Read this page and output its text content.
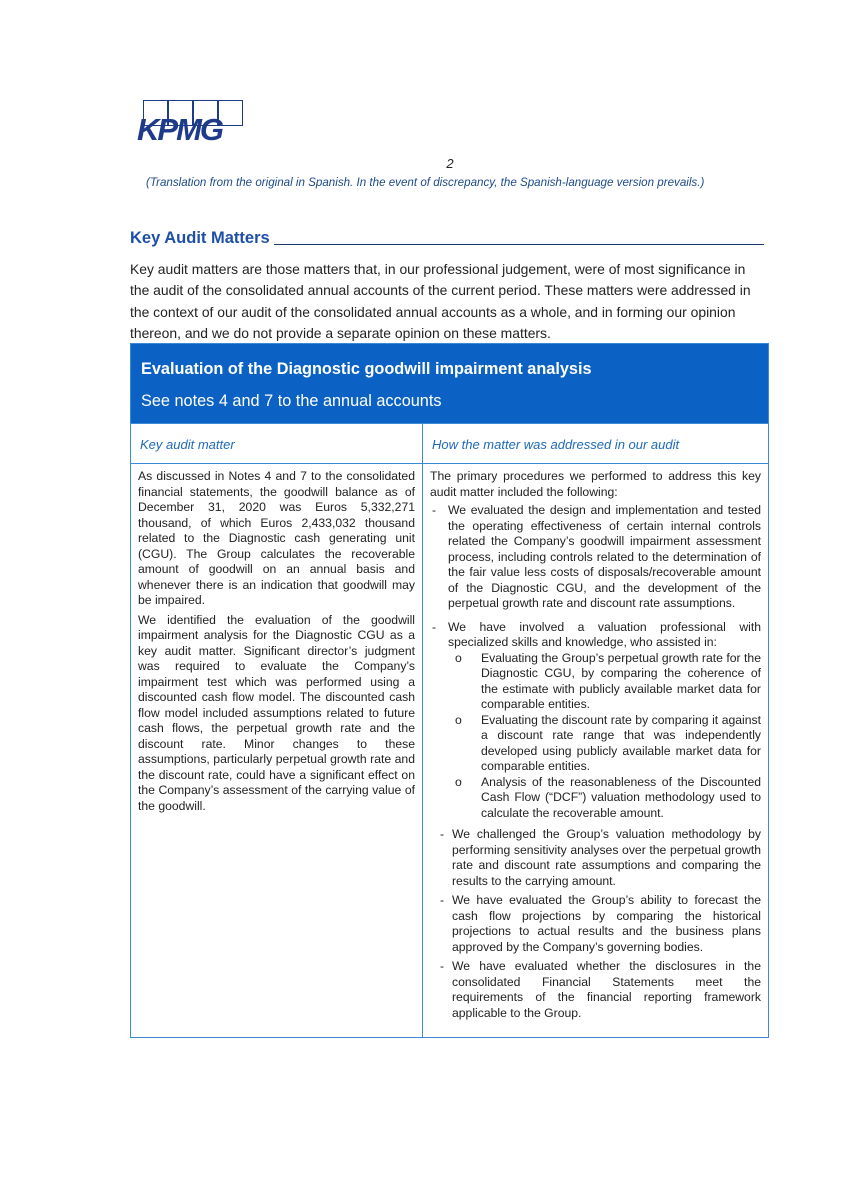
KPMG
2
(Translation from the original in Spanish. In the event of discrepancy, the Spanish-language version prevails.)
Key Audit Matters

Key audit matters are those matters that, in our professional judgement, were of most significance in the audit of the consolidated annual accounts of the current period. These matters were addressed in the context of our audit of the consolidated annual accounts as a whole, and in forming our opinion thereon, and we do not provide a separate opinion on these matters.

Evaluation of the Diagnostic goodwill impairment analysis
See notes 4 and 7 to the annual accounts
Key audit matter	How the matter was addressed in our audit

As discussed in Notes 4 and 7 to the consolidated financial statements, the goodwill balance as of December 31, 2020 was Euros 5,332,271 thousand, of which Euros 2,433,032 thousand related to the Diagnostic cash generating unit (CGU). The Group calculates the recoverable amount of goodwill on an annual basis and whenever there is an indication that goodwill may be impaired.

We identified the evaluation of the goodwill impairment analysis for the Diagnostic CGU as a key audit matter. Significant director’s judgment was required to evaluate the Company’s impairment test which was performed using a discounted cash flow model. The discounted cash flow model included assumptions related to future cash flows, the perpetual growth rate and the discount rate. Minor changes to these assumptions, particularly perpetual growth rate and the discount rate, could have a significant effect on the Company’s assessment of the carrying value of the goodwill.

The primary procedures we performed to address this key audit matter included the following:

- We evaluated the design and implementation and tested the operating effectiveness of certain internal controls related the Company’s goodwill impairment assessment process, including controls related to the determination of the fair value less costs of disposals/recoverable amount of the Diagnostic CGU, and the development of the perpetual growth rate and discount rate assumptions.
- We have involved a valuation professional with specialized skills and knowledge, who assisted in:
o Evaluating the Group’s perpetual growth rate for the Diagnostic CGU, by comparing the coherence of the estimate with publicly available market data for comparable entities.
o Evaluating the discount rate by comparing it against a discount rate range that was independently developed using publicly available market data for comparable entities.
o Analysis of the reasonableness of the Discounted Cash Flow (“DCF”) valuation methodology used to calculate the recoverable amount.
- We challenged the Group’s valuation methodology by performing sensitivity analyses over the perpetual growth rate and discount rate assumptions and comparing the results to the carrying amount.
- We have evaluated the Group’s ability to forecast the cash flow projections by comparing the historical projections to actual results and the business plans approved by the Company’s governing bodies.
- We have evaluated whether the disclosures in the consolidated Financial Statements meet the requirements of the financial reporting framework applicable to the Group.
